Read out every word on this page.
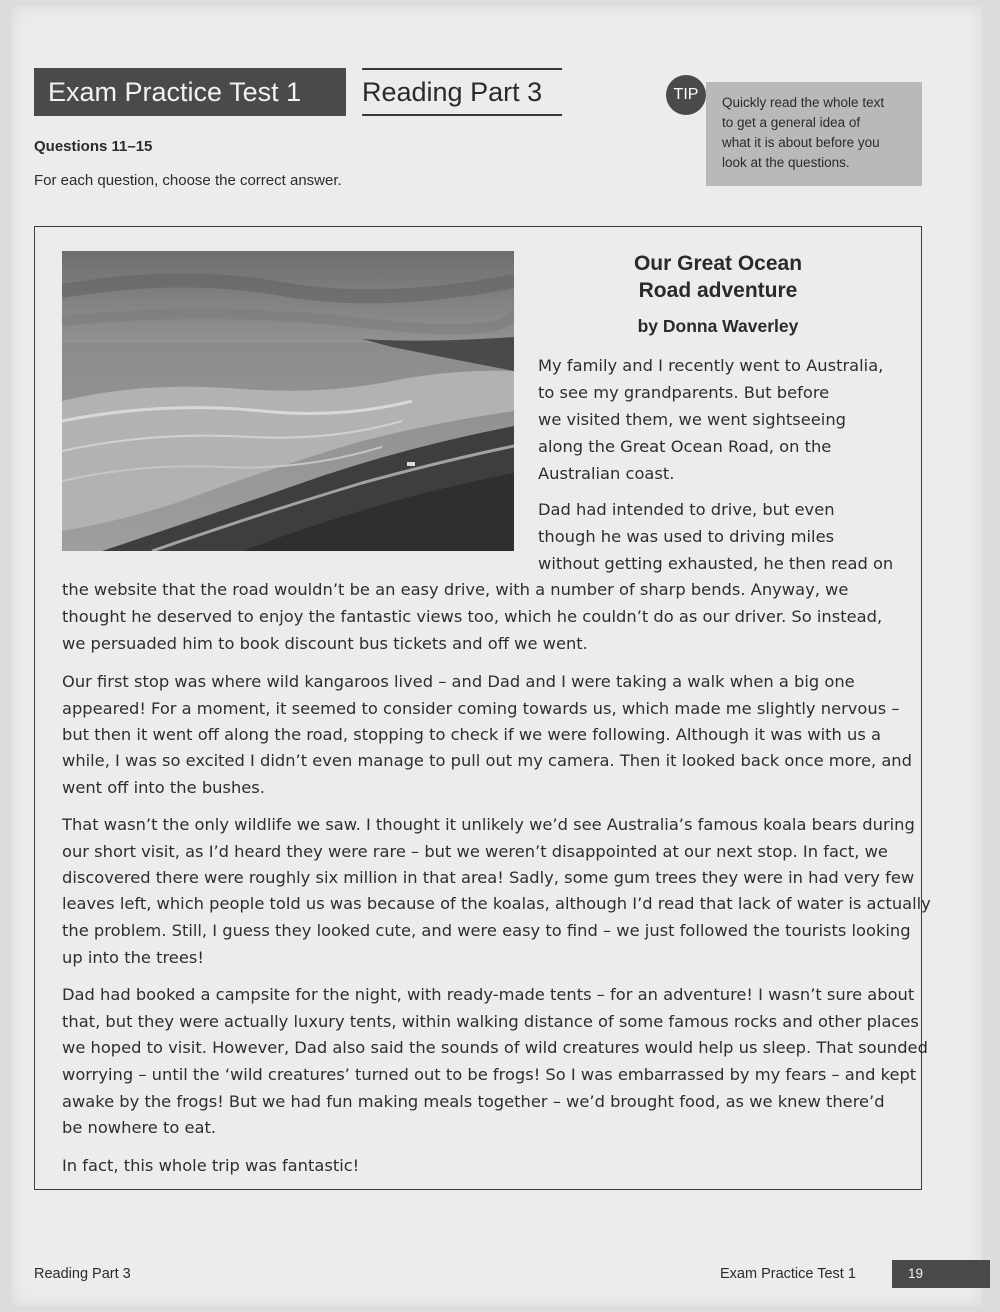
Exam Practice Test 1	Reading Part 3
Questions 11–15
For each question, choose the correct answer.
TIP	Quickly read the whole text
to get a general idea of
what it is about before you
look at the questions.
Our Great Ocean
Road adventure
by Donna Waverley
My family and I recently went to Australia,
to see my grandparents. But before
we visited them, we went sightseeing
along the Great Ocean Road, on the
Australian coast.
Dad had intended to drive, but even
though he was used to driving miles
without getting exhausted, he then read on
the website that the road wouldn’t be an easy drive, with a number of sharp bends. Anyway, we
thought he deserved to enjoy the fantastic views too, which he couldn’t do as our driver. So instead,
we persuaded him to book discount bus tickets and off we went.
Our first stop was where wild kangaroos lived – and Dad and I were taking a walk when a big one
appeared! For a moment, it seemed to consider coming towards us, which made me slightly nervous –
but then it went off along the road, stopping to check if we were following. Although it was with us a
while, I was so excited I didn’t even manage to pull out my camera. Then it looked back once more, and
went off into the bushes.
That wasn’t the only wildlife we saw. I thought it unlikely we’d see Australia’s famous koala bears during
our short visit, as I’d heard they were rare – but we weren’t disappointed at our next stop. In fact, we
discovered there were roughly six million in that area! Sadly, some gum trees they were in had very few
leaves left, which people told us was because of the koalas, although I’d read that lack of water is actually
the problem. Still, I guess they looked cute, and were easy to find – we just followed the tourists looking
up into the trees!
Dad had booked a campsite for the night, with ready-made tents – for an adventure! I wasn’t sure about
that, but they were actually luxury tents, within walking distance of some famous rocks and other places
we hoped to visit. However, Dad also said the sounds of wild creatures would help us sleep. That sounded
worrying – until the ‘wild creatures’ turned out to be frogs! So I was embarrassed by my fears – and kept
awake by the frogs! But we had fun making meals together – we’d brought food, as we knew there’d
be nowhere to eat.
In fact, this whole trip was fantastic!
Reading Part 3	Exam Practice Test 1	19
